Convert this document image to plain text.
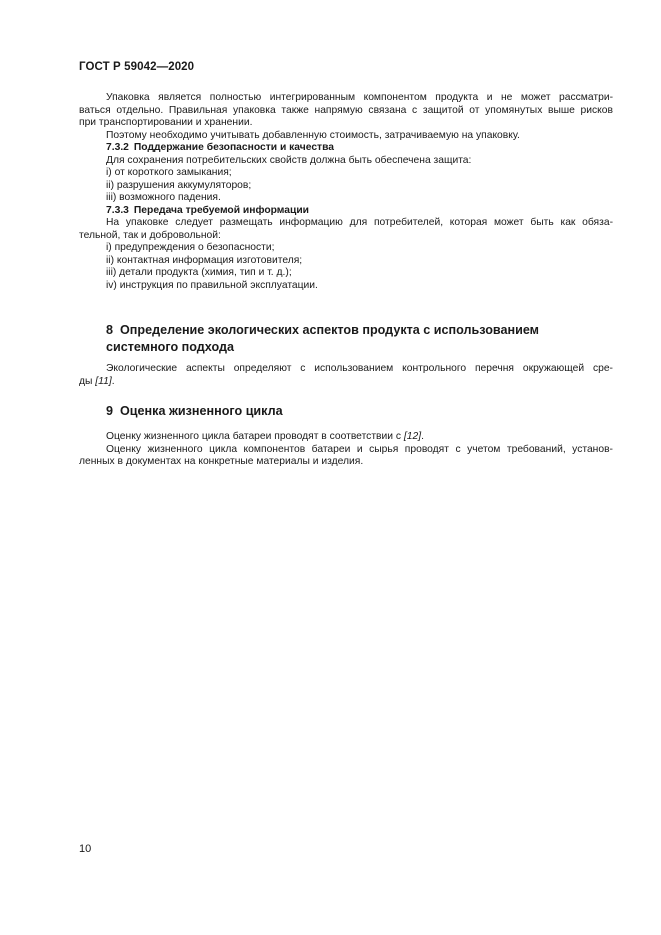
ГОСТ Р 59042—2020

Упаковка является полностью интегрированным компонентом продукта и не может рассматри-

ваться отдельно. Правильная упаковка также напрямую связана с защитой от упомянутых выше рисков

при транспортировании и хранении.

Поэтому необходимо учитывать добавленную стоимость, затрачиваемую на упаковку.

7.3.2 Поддержание безопасности и качества

Для сохранения потребительских свойств должна быть обеспечена защита:

i) от короткого замыкания;

ii) разрушения аккумуляторов;

iii) возможного падения.

7.3.3 Передача требуемой информации

На упаковке следует размещать информацию для потребителей, которая может быть как обяза-

тельной, так и добровольной:

i) предупреждения о безопасности;

ii) контактная информация изготовителя;

iii) детали продукта (химия, тип и т. д.);

iv) инструкция по правильной эксплуатации.

8 Определение экологических аспектов продукта с использованием

системного подхода

Экологические аспекты определяют с использованием контрольного перечня окружающей сре-

ды [11].

9 Оценка жизненного цикла

Оценку жизненного цикла батареи проводят в соответствии с [12].

Оценку жизненного цикла компонентов батареи и сырья проводят с учетом требований, установ-

ленных в документах на конкретные материалы и изделия.

10
